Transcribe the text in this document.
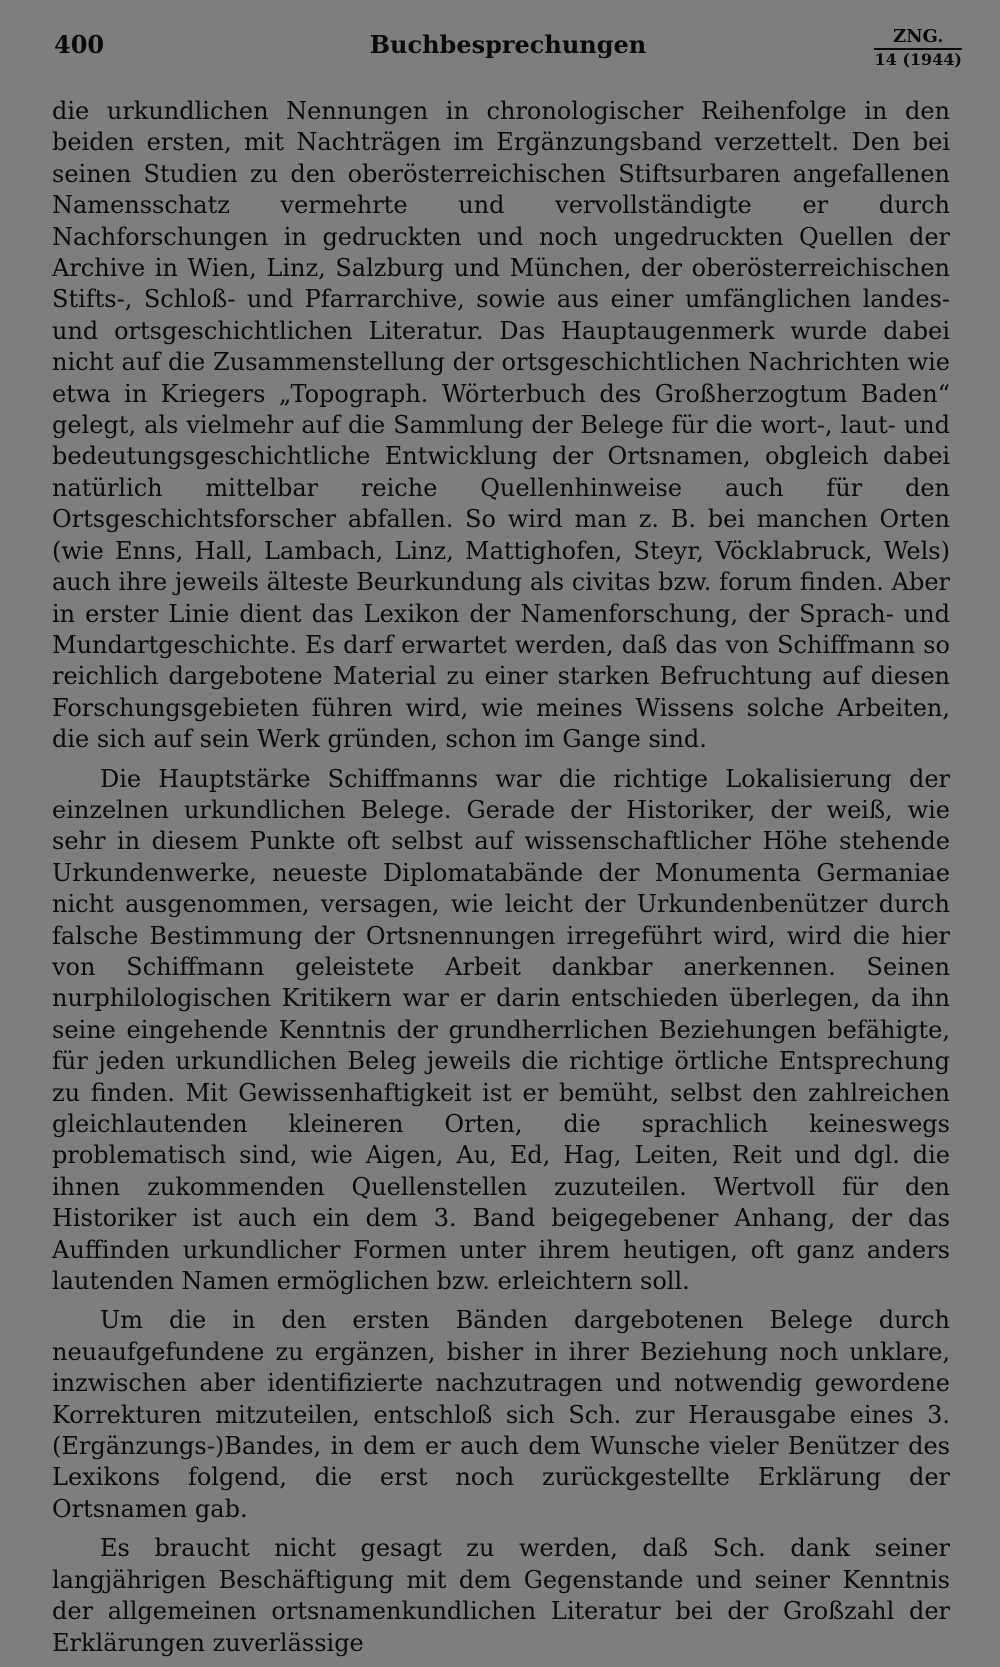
400	Buchbesprechungen	ZNG.
14 (1944)

die urkundlichen Nennungen in chronologischer Reihenfolge in den beiden ersten, mit Nachträgen im Ergänzungsband verzettelt. Den bei seinen Studien zu den oberösterreichischen Stiftsurbaren angefallenen Namensschatz vermehrte und vervollständigte er durch Nachforschungen in gedruckten und noch ungedruckten Quellen der Archive in Wien, Linz, Salzburg und München, der oberösterreichischen Stifts-, Schloß- und Pfarrarchive, sowie aus einer umfänglichen landes- und ortsgeschichtlichen Literatur. Das Hauptaugenmerk wurde dabei nicht auf die Zusammenstellung der ortsgeschichtlichen Nachrichten wie etwa in Kriegers „Topograph. Wörterbuch des Großherzogtum Baden“ gelegt, als vielmehr auf die Sammlung der Belege für die wort-, laut- und bedeutungsgeschichtliche Entwicklung der Ortsnamen, obgleich dabei natürlich mittelbar reiche Quellenhinweise auch für den Ortsgeschichtsforscher abfallen. So wird man z. B. bei manchen Orten (wie Enns, Hall, Lambach, Linz, Mattighofen, Steyr, Vöcklabruck, Wels) auch ihre jeweils älteste Beurkundung als civitas bzw. forum finden. Aber in erster Linie dient das Lexikon der Namenforschung, der Sprach- und Mundartgeschichte. Es darf erwartet werden, daß das von Schiffmann so reichlich dargebotene Material zu einer starken Befruchtung auf diesen Forschungsgebieten führen wird, wie meines Wissens solche Arbeiten, die sich auf sein Werk gründen, schon im Gange sind.

Die Hauptstärke Schiffmanns war die richtige Lokalisierung der einzelnen urkundlichen Belege. Gerade der Historiker, der weiß, wie sehr in diesem Punkte oft selbst auf wissenschaftlicher Höhe stehende Urkundenwerke, neueste Diplomatabände der Monumenta Germaniae nicht ausgenommen, versagen, wie leicht der Urkundenbenützer durch falsche Bestimmung der Ortsnennungen irregeführt wird, wird die hier von Schiffmann geleistete Arbeit dankbar anerkennen. Seinen nurphilologischen Kritikern war er darin entschieden überlegen, da ihn seine eingehende Kenntnis der grundherrlichen Beziehungen befähigte, für jeden urkundlichen Beleg jeweils die richtige örtliche Entsprechung zu finden. Mit Gewissenhaftigkeit ist er bemüht, selbst den zahlreichen gleichlautenden kleineren Orten, die sprachlich keineswegs problematisch sind, wie Aigen, Au, Ed, Hag, Leiten, Reit und dgl. die ihnen zukommenden Quellenstellen zuzuteilen. Wertvoll für den Historiker ist auch ein dem 3. Band beigegebener Anhang, der das Auffinden urkundlicher Formen unter ihrem heutigen, oft ganz anders lautenden Namen ermöglichen bzw. erleichtern soll.

Um die in den ersten Bänden dargebotenen Belege durch neuaufgefundene zu ergänzen, bisher in ihrer Beziehung noch unklare, inzwischen aber identifizierte nachzutragen und notwendig gewordene Korrekturen mitzuteilen, entschloß sich Sch. zur Herausgabe eines 3. (Ergänzungs-)Bandes, in dem er auch dem Wunsche vieler Benützer des Lexikons folgend, die erst noch zurückgestellte Erklärung der Ortsnamen gab.

Es braucht nicht gesagt zu werden, daß Sch. dank seiner langjährigen Beschäftigung mit dem Gegenstande und seiner Kenntnis der allgemeinen ortsnamenkundlichen Literatur bei der Großzahl der Erklärungen zuverlässige
